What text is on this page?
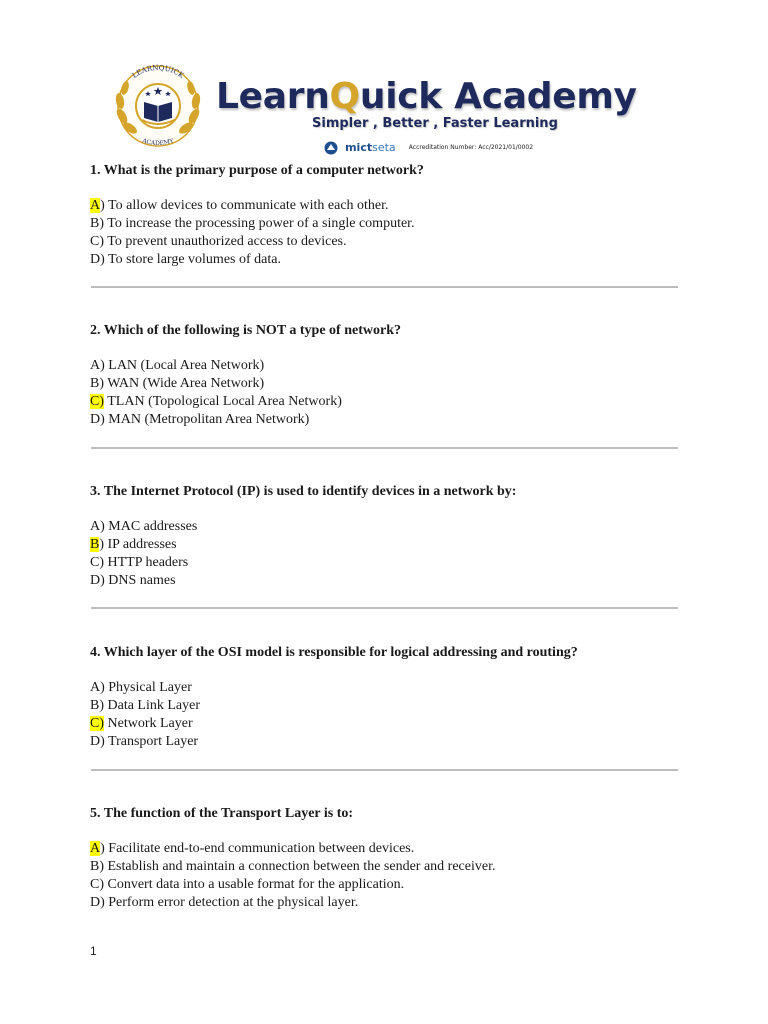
LEARNQUICK
ACADEMY
LearnQuick Academy
Simpler , Better , Faster Learning
mictseta Accreditation Number: Acc/2021/01/0002
1. What is the primary purpose of a computer network?
A) To allow devices to communicate with each other.
B) To increase the processing power of a single computer.
C) To prevent unauthorized access to devices.
D) To store large volumes of data.
2. Which of the following is NOT a type of network?
A) LAN (Local Area Network)
B) WAN (Wide Area Network)
C) TLAN (Topological Local Area Network)
D) MAN (Metropolitan Area Network)
3. The Internet Protocol (IP) is used to identify devices in a network by:
A) MAC addresses
B) IP addresses
C) HTTP headers
D) DNS names
4. Which layer of the OSI model is responsible for logical addressing and routing?
A) Physical Layer
B) Data Link Layer
C) Network Layer
D) Transport Layer
5. The function of the Transport Layer is to:
A) Facilitate end-to-end communication between devices.
B) Establish and maintain a connection between the sender and receiver.
C) Convert data into a usable format for the application.
D) Perform error detection at the physical layer.
1
